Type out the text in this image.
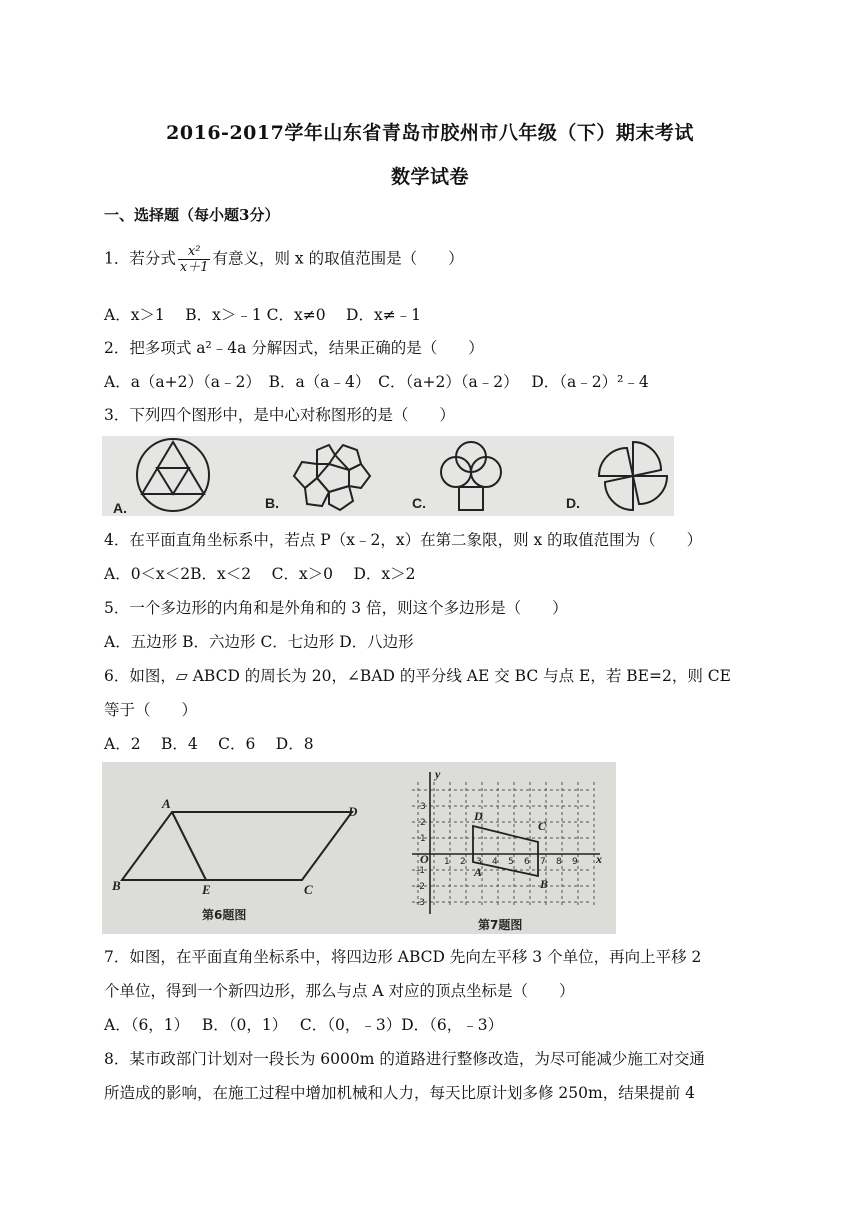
2016-2017学年山东省青岛市胶州市八年级（下）期末考试
数学试卷
一、选择题（每小题3分）
1．若分式 $\frac{\text{x²}}{x+1}$ 有意义，则 x 的取值范围是（　　）
A．x＞1　 B．x＞﹣1 C．x≠0　 D．x≠﹣1
2．把多项式 a²﹣4a 分解因式，结果正确的是（　　）
A．a（a+2）（a﹣2）　B．a（a﹣4）　C．（a+2）（a﹣2）　 D．（a﹣2）²﹣4
3．下列四个图形中，是中心对称图形的是（　　）
A.	B.	C.	D.
4．在平面直角坐标系中，若点 P（x﹣2，x）在第二象限，则 x 的取值范围为（　　）
A．0＜x＜2B．x＜2　 C．x＞0　 D．x＞2
5．一个多边形的内角和是外角和的 3 倍，则这个多边形是（　　）
A．五边形 B．六边形 C．七边形 D．八边形
6．如图，▱ ABCD 的周长为 20，∠BAD 的平分线 AE 交 BC 与点 E，若 BE=2，则 CE
等于（　　）
A．2　 B．4　 C．6　 D．8
A
D
B	E	C
第6题图
y
x
O
D
C
A
B
1 2 3 4 5 6 7 8 9
3
2
1
-1
-2
-3
第7题图
7．如图，在平面直角坐标系中，将四边形 ABCD 先向左平移 3 个单位，再向上平移 2
个单位，得到一个新四边形，那么与点 A 对应的顶点坐标是（　　）
A．（6，1）　 B．（0，1）　 C．（0，﹣3）D．（6，﹣3）
8．某市政部门计划对一段长为 6000m 的道路进行整修改造，为尽可能减少施工对交通
所造成的影响，在施工过程中增加机械和人力，每天比原计划多修 250m，结果提前 4
